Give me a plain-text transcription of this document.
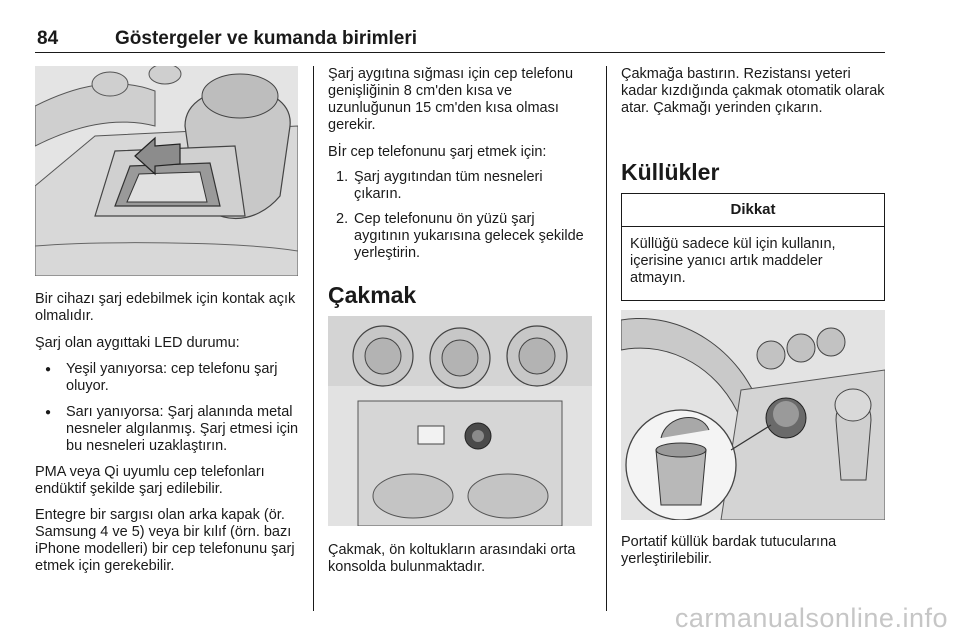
84	Göstergeler ve kumanda birimleri

Bir cihazı şarj edebilmek için kontak açık olmalıdır.

Şarj olan aygıttaki LED durumu:

● Yeşil yanıyorsa: cep telefonu şarj oluyor.
● Sarı yanıyorsa: Şarj alanında metal nesneler algılanmış. Şarj etmesi için bu nesneleri uzaklaştırın.

PMA veya Qi uyumlu cep telefonları endüktif şekilde şarj edilebilir.

Entegre bir sargısı olan arka kapak (ör. Samsung 4 ve 5) veya bir kılıf (örn. bazı iPhone modelleri) bir cep telefonunu şarj etmek için gerekebilir.

Şarj aygıtına sığması için cep telefonu genişliğinin 8 cm'den kısa ve uzunluğunun 15 cm'den kısa olması gerekir.

Bİr cep telefonunu şarj etmek için:

1. Şarj aygıtından tüm nesneleri çıkarın.
2. Cep telefonunu ön yüzü şarj aygıtının yukarısına gelecek şekilde yerleştirin.
Çakmak

Çakmak, ön koltukların arasındaki orta konsolda bulunmaktadır.

Çakmağa bastırın. Rezistansı yeteri kadar kızdığında çakmak otomatik olarak atar. Çakmağı yerinden çıkarın.

Küllükler
Dikkat

Küllüğü sadece kül için kullanın, içerisine yanıcı artık maddeler atmayın.

Portatif küllük bardak tutucularına yerleştirilebilir.

carmanualsonline.info
